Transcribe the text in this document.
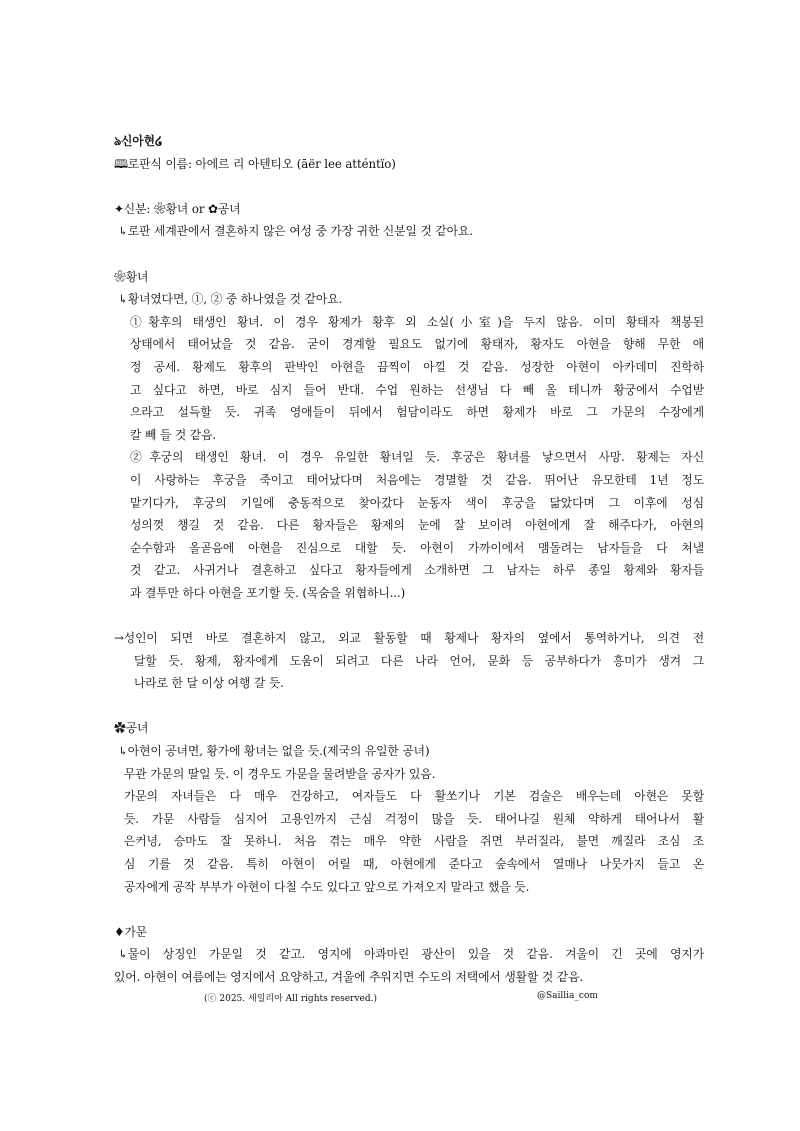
ঌ신아현໒
🕮로판식 이름: 아에르 리 아텐티오 (āër lee atténtïo)
✦신분: ❀황녀 or ✿공녀
↳로판 세계관에서 결혼하지 않은 여성 중 가장 귀한 신분일 것 같아요.
❀황녀
↳황녀였다면, ①, ② 중 하나였을 것 같아요.
①황후의 태생인 황녀. 이 경우 황제가 황후 외 소실(小室)을 두지 않음. 이미 황태자 책봉된
상태에서 태어났을 것 같음. 굳이 경계할 필요도 없기에 황태자, 황자도 아현을 향해 무한 애
정 공세. 황제도 황후의 판박인 아현을 끔찍이 아낄 것 같음. 성장한 아현이 아카데미 진학하
고 싶다고 하면, 바로 심지 들어 반대. 수업 원하는 선생님 다 빼 올 테니까 황궁에서 수업받
으라고 설득할 듯. 귀족 영애들이 뒤에서 험담이라도 하면 황제가 바로 그 가문의 수장에게
칼 빼 들 것 같음.
②후궁의 태생인 황녀. 이 경우 유일한 황녀일 듯. 후궁은 황녀를 낳으면서 사망. 황제는 자신
이 사랑하는 후궁을 죽이고 태어났다며 처음에는 경멸할 것 같음. 뛰어난 유모한테 1년 정도
맡기다가, 후궁의 기일에 충동적으로 찾아갔다 눈동자 색이 후궁을 닮았다며 그 이후에 성심
성의껏 챙길 것 같음. 다른 황자들은 황제의 눈에 잘 보이려 아현에게 잘 해주다가, 아현의
순수함과 올곧음에 아현을 진심으로 대할 듯. 아현이 가까이에서 맴돌려는 남자들을 다 쳐낼
것 같고. 사귀거나 결혼하고 싶다고 황자들에게 소개하면 그 남자는 하루 종일 황제와 황자들
과 결투만 하다 아현을 포기할 듯. (목숨을 위협하니...)
→성인이 되면 바로 결혼하지 않고, 외교 활동할 때 황제나 황자의 옆에서 통역하거나, 의견 전
달할 듯. 황제, 황자에게 도움이 되려고 다른 나라 언어, 문화 등 공부하다가 흥미가 생겨 그
나라로 한 달 이상 여행 갈 듯.
✿공녀
↳아현이 공녀면, 황가에 황녀는 없을 듯.(제국의 유일한 공녀)
무관 가문의 딸일 듯. 이 경우도 가문을 물려받을 공자가 있음.
가문의 자녀들은 다 매우 건강하고, 여자들도 다 활쏘기나 기본 검술은 배우는데 아현은 못할
듯. 가문 사람들 심지어 고용인까지 근심 걱정이 많을 듯. 태어나길 원체 약하게 태어나서 활
은커녕, 승마도 잘 못하니. 처음 겪는 매우 약한 사람을 쥐면 부러질라, 불면 깨질라 조심 조
심 기를 것 같음. 특히 아현이 어릴 때, 아현에게 준다고 숲속에서 열매나 나뭇가지 들고 온
공자에게 공작 부부가 아현이 다칠 수도 있다고 앞으로 가져오지 말라고 했을 듯.
♦가문
↳물이 상징인 가문일 것 같고. 영지에 아콰마린 광산이 있을 것 같음. 겨울이 긴 곳에 영지가
있어. 아현이 여름에는 영지에서 요양하고, 겨울에 추워지면 수도의 저택에서 생활할 것 같음.
(ⓒ 2025. 세일리아 All rights reserved.)	@Saillia_com
